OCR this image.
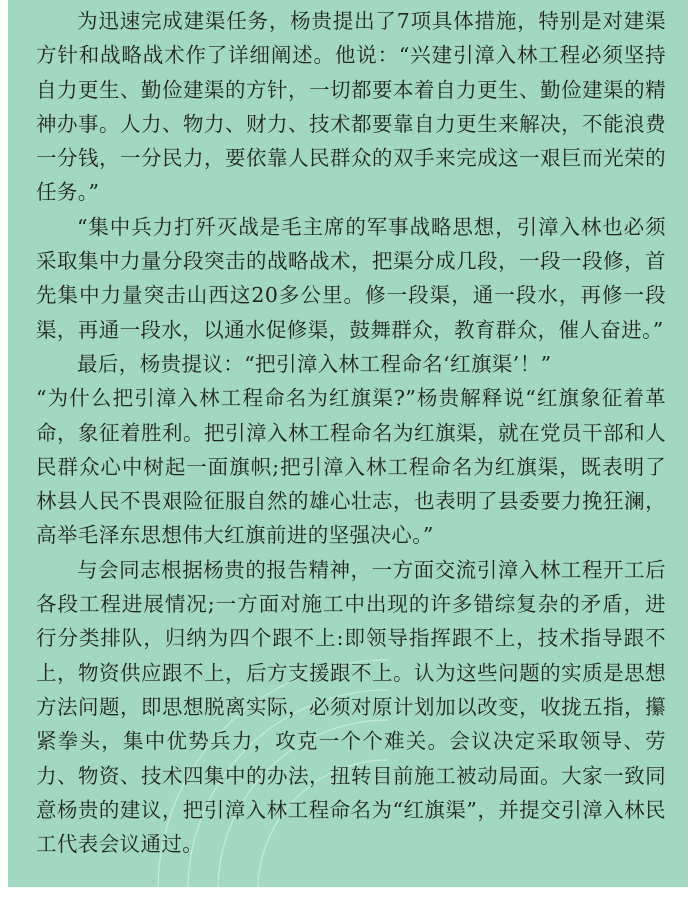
为迅速完成建渠任务，杨贵提出了7项具体措施，特别是对建渠方针和战略战术作了详细阐述。他说：“兴建引漳入林工程必须坚持自力更生、勤俭建渠的方针，一切都要本着自力更生、勤俭建渠的精神办事。人力、物力、财力、技术都要靠自力更生来解决，不能浪费一分钱，一分民力，要依靠人民群众的双手来完成这一艰巨而光荣的任务。”

“集中兵力打歼灭战是毛主席的军事战略思想，引漳入林也必须采取集中力量分段突击的战略战术，把渠分成几段，一段一段修，首先集中力量突击山西这20多公里。修一段渠，通一段水，再修一段渠，再通一段水，以通水促修渠，鼓舞群众，教育群众，催人奋进。”

最后，杨贵提议：“把引漳入林工程命名‘红旗渠’！”

“为什么把引漳入林工程命名为红旗渠?”杨贵解释说“红旗象征着革命，象征着胜利。把引漳入林工程命名为红旗渠，就在党员干部和人民群众心中树起一面旗帜;把引漳入林工程命名为红旗渠，既表明了林县人民不畏艰险征服自然的雄心壮志，也表明了县委要力挽狂澜，高举毛泽东思想伟大红旗前进的坚强决心。”

与会同志根据杨贵的报告精神，一方面交流引漳入林工程开工后各段工程进展情况;一方面对施工中出现的许多错综复杂的矛盾，进行分类排队，归纳为四个跟不上:即领导指挥跟不上，技术指导跟不上，物资供应跟不上，后方支援跟不上。认为这些问题的实质是思想方法问题，即思想脱离实际，必须对原计划加以改变，收拢五指，攥紧拳头，集中优势兵力，攻克一个个难关。会议决定采取领导、劳力、物资、技术四集中的办法，扭转目前施工被动局面。大家一致同意杨贵的建议，把引漳入林工程命名为“红旗渠”，并提交引漳入林民工代表会议通过。
